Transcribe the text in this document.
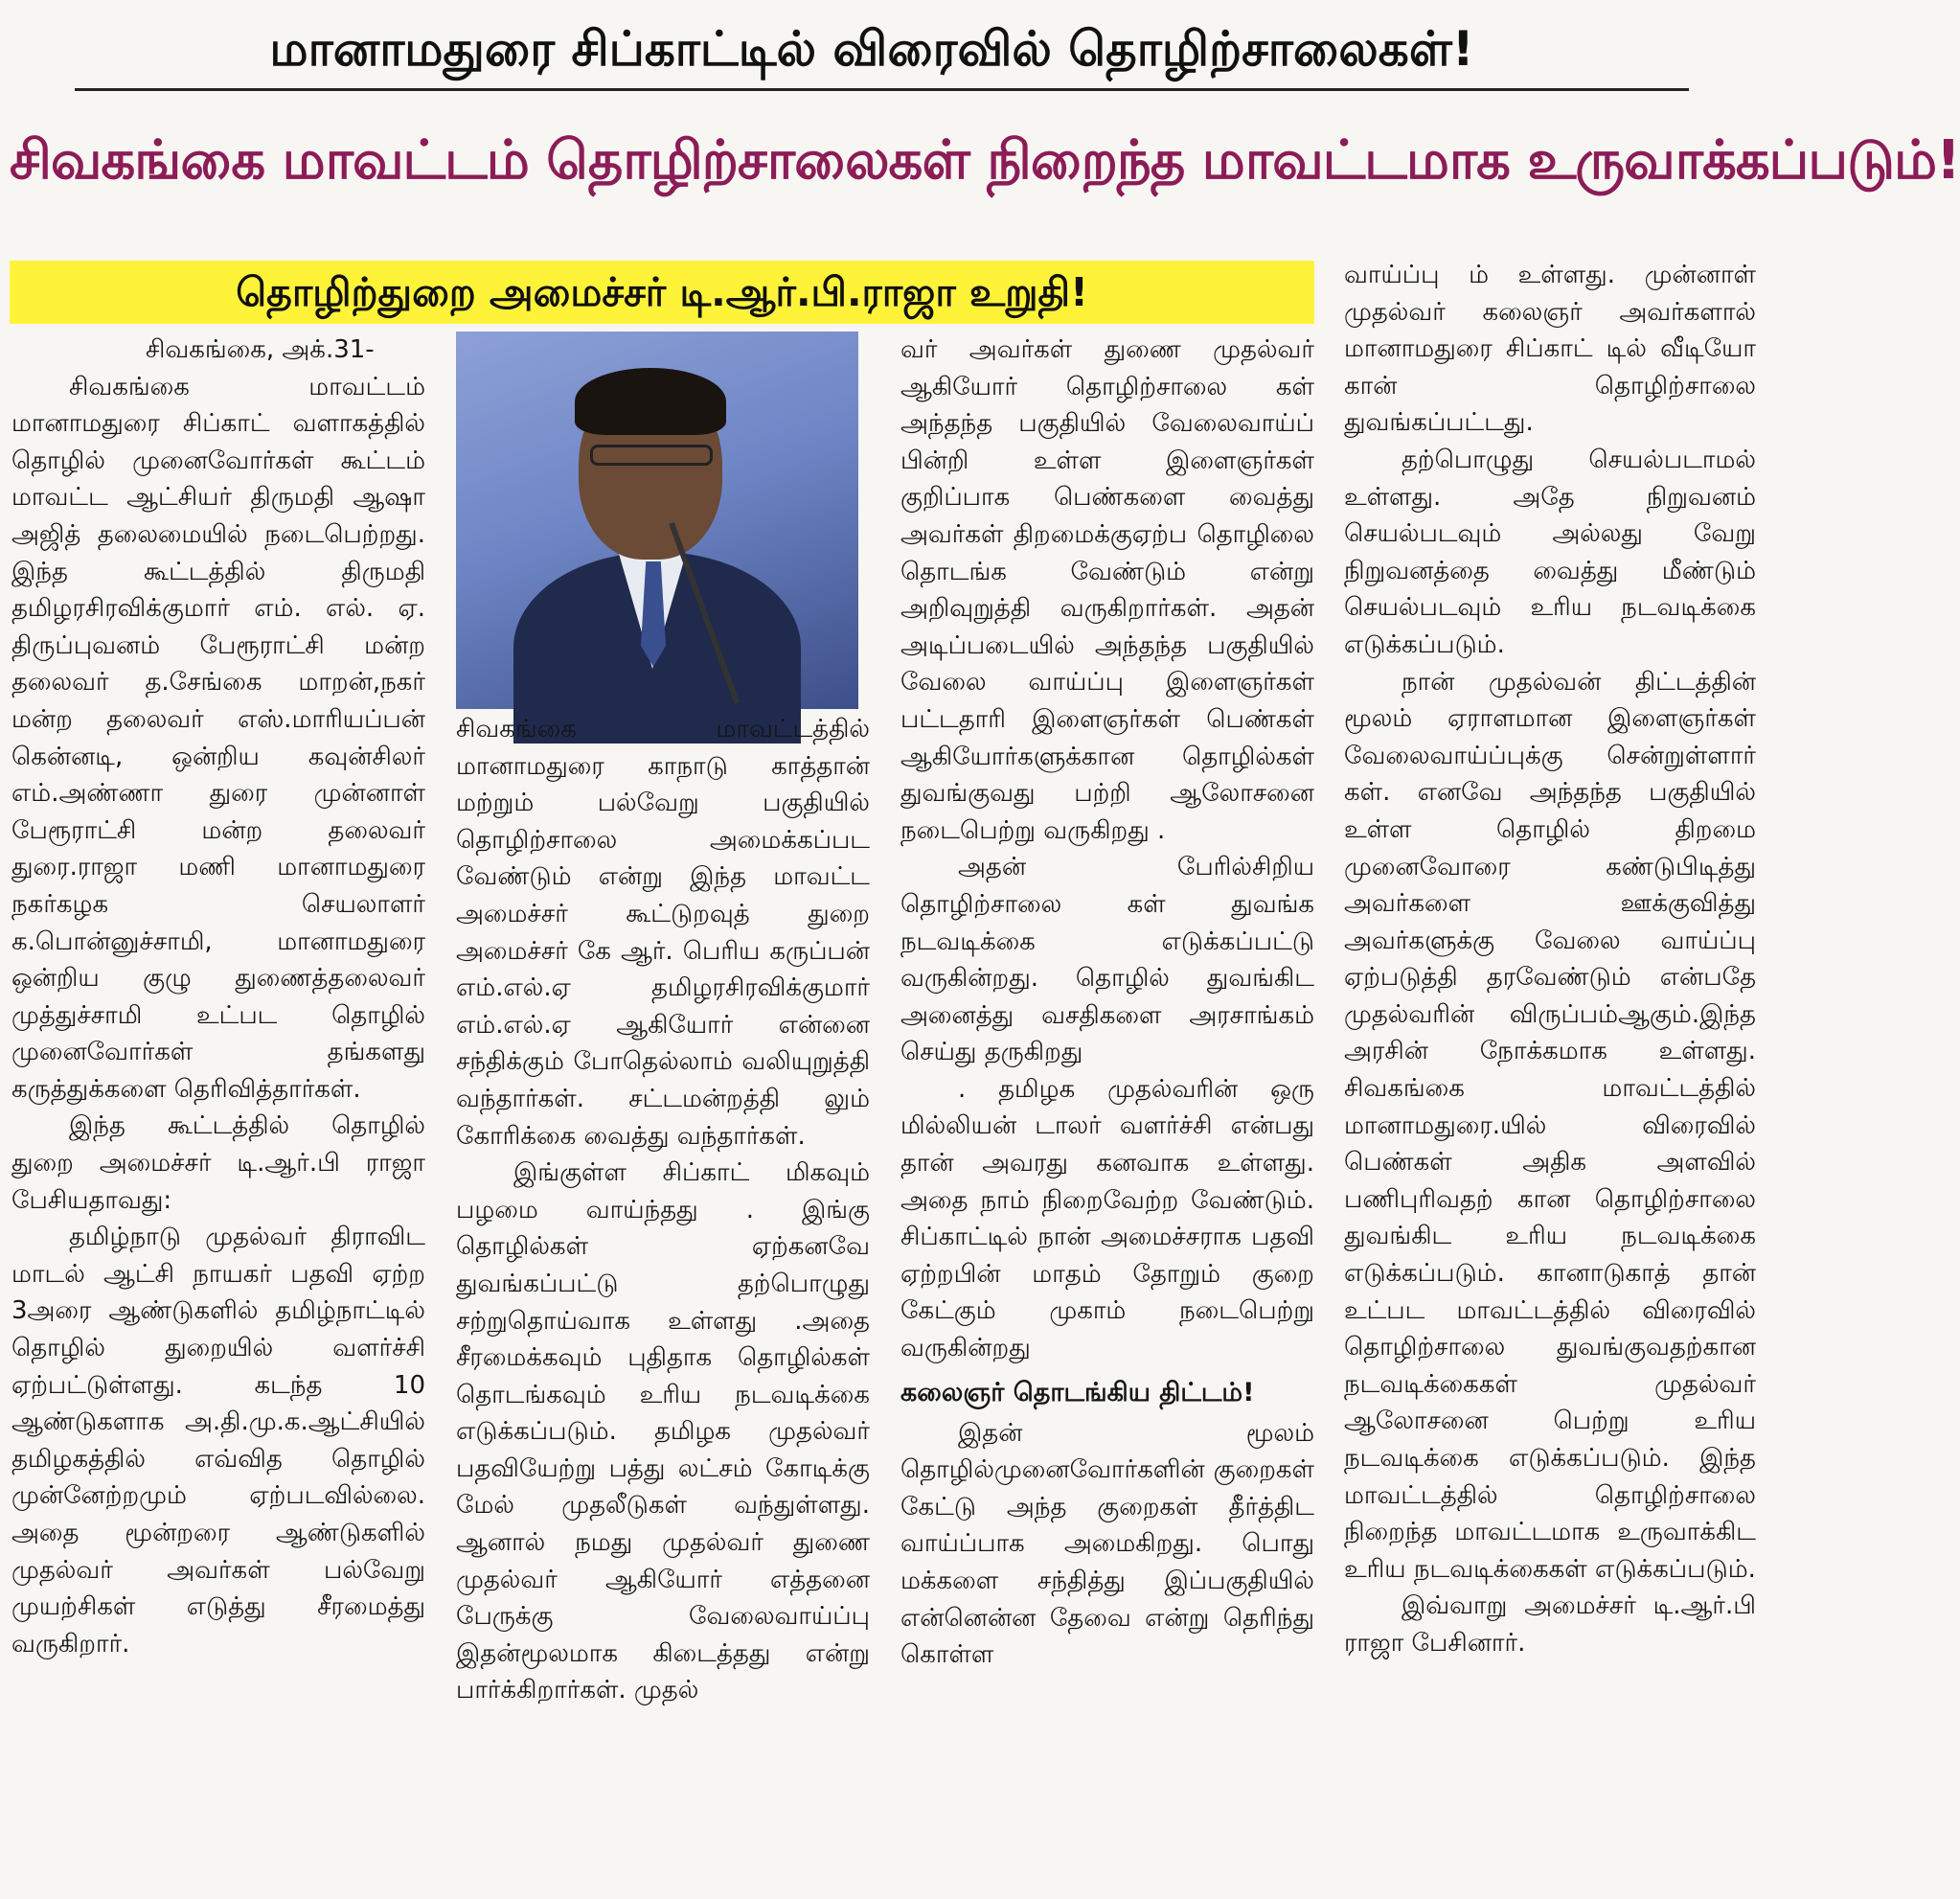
மானாமதுரை சிப்காட்டில் விரைவில் தொழிற்சாலைகள்!
சிவகங்கை மாவட்டம் தொழிற்சாலைகள் நிறைந்த மாவட்டமாக உருவாக்கப்படும்!
தொழிற்துறை அமைச்சர் டி.ஆர்.பி.ராஜா உறுதி!

சிவகங்கை, அக்.31-

சிவகங்கை மாவட்டம் மானாமதுரை சிப்காட் வளாகத்தில் தொழில் முனைவோர்கள் கூட்டம் மாவட்ட ஆட்சியர் திருமதி ஆஷா அஜித் தலைமையில் நடைபெற்றது. இந்த கூட்டத்தில் திருமதி தமிழரசிரவிக்குமார் எம். எல். ஏ. திருப்புவனம் பேரூராட்சி மன்ற தலைவர் த.சேங்கை மாறன்,நகர் மன்ற தலைவர் எஸ்.மாரியப்பன் கென்னடி, ஒன்றிய கவுன்சிலர் எம்.அண்ணா துரை முன்னாள் பேரூராட்சி மன்ற தலைவர் துரை.ராஜா மணி மானாமதுரை நகர்கழக செயலாளர் க.பொன்னுச்சாமி, மானாமதுரை ஒன்றிய குழு துணைத்தலைவர் முத்துச்சாமி உட்பட தொழில் முனைவோர்கள் தங்களது கருத்துக்களை தெரிவித்தார்கள்.

இந்த கூட்டத்தில் தொழில் துறை அமைச்சர் டி.ஆர்.பி ராஜா பேசியதாவது:

தமிழ்நாடு முதல்வர் திராவிட மாடல் ஆட்சி நாயகர் பதவி ஏற்ற 3அரை ஆண்டுகளில் தமிழ்நாட்டில் தொழில் துறையில் வளர்ச்சி ஏற்பட்டுள்ளது. கடந்த 10 ஆண்டுகளாக அ.தி.மு.க.ஆட்சியில் தமிழகத்தில் எவ்வித தொழில் முன்னேற்றமும் ஏற்படவில்லை. அதை மூன்றரை ஆண்டுகளில் முதல்வர் அவர்கள் பல்வேறு முயற்சிகள் எடுத்து சீரமைத்து வருகிறார்.

சிவகங்கை மாவட்டத்தில் மானாமதுரை காநாடு காத்தான் மற்றும் பல்வேறு பகுதியில் தொழிற்சாலை அமைக்கப்பட வேண்டும் என்று இந்த மாவட்ட அமைச்சர் கூட்டுறவுத் துறை அமைச்சர் கே ஆர். பெரிய கருப்பன் எம்.எல்.ஏ தமிழரசிரவிக்குமார் எம்.எல்.ஏ ஆகியோர் என்னை சந்திக்கும் போதெல்லாம் வலியுறுத்தி வந்தார்கள். சட்டமன்றத்தி லும் கோரிக்கை வைத்து வந்தார்கள்.

இங்குள்ள சிப்காட் மிகவும் பழமை வாய்ந்தது . இங்கு தொழில்கள் ஏற்கனவே துவங்கப்பட்டு தற்பொழுது சற்றுதொய்வாக உள்ளது .அதை சீரமைக்கவும் புதிதாக தொழில்கள் தொடங்கவும் உரிய நடவடிக்கை எடுக்கப்படும். தமிழக முதல்வர் பதவியேற்று பத்து லட்சம் கோடிக்கு மேல் முதலீடுகள் வந்துள்ளது. ஆனால் நமது முதல்வர் துணை முதல்வர் ஆகியோர் எத்தனை பேருக்கு வேலைவாய்ப்பு இதன்மூலமாக கிடைத்தது என்று பார்க்கிறார்கள். முதல்

வர் அவர்கள் துணை முதல்வர் ஆகியோர் தொழிற்சாலை கள் அந்தந்த பகுதியில் வேலைவாய்ப் பின்றி உள்ள இளைஞர்கள் குறிப்பாக பெண்களை வைத்து அவர்கள் திறமைக்குஏற்ப தொழிலை தொடங்க வேண்டும் என்று அறிவுறுத்தி வருகிறார்கள். அதன் அடிப்படையில் அந்தந்த பகுதியில் வேலை வாய்ப்பு இளைஞர்கள் பட்டதாரி இளைஞர்கள் பெண்கள் ஆகியோர்களுக்கான தொழில்கள் துவங்குவது பற்றி ஆலோசனை நடைபெற்று வருகிறது .

அதன் பேரில்சிறிய தொழிற்சாலை கள் துவங்க நடவடிக்கை எடுக்கப்பட்டு வருகின்றது. தொழில் துவங்கிட அனைத்து வசதிகளை அரசாங்கம் செய்து தருகிறது

. தமிழக முதல்வரின் ஒரு மில்லியன் டாலர் வளர்ச்சி என்பது தான் அவரது கனவாக உள்ளது. அதை நாம் நிறைவேற்ற வேண்டும். சிப்காட்டில் நான் அமைச்சராக பதவி ஏற்றபின் மாதம் தோறும் குறை கேட்கும் முகாம் நடைபெற்று வருகின்றது

கலைஞர் தொடங்கிய திட்டம்!

இதன் மூலம் தொழில்முனைவோர்களின் குறைகள் கேட்டு அந்த குறைகள் தீர்த்திட வாய்ப்பாக அமைகிறது. பொது மக்களை சந்தித்து இப்பகுதியில் என்னென்ன தேவை என்று தெரிந்து கொள்ள

வாய்ப்பு ம் உள்ளது. முன்னாள் முதல்வர் கலைஞர் அவர்களால் மானாமதுரை சிப்காட் டில் வீடியோ கான் தொழிற்சாலை துவங்கப்பட்டது.

தற்பொழுது செயல்படாமல் உள்ளது. அதே நிறுவனம் செயல்படவும் அல்லது வேறு நிறுவனத்தை வைத்து மீண்டும் செயல்படவும் உரிய நடவடிக்கை எடுக்கப்படும்.

நான் முதல்வன் திட்டத்தின் மூலம் ஏராளமான இளைஞர்கள் வேலைவாய்ப்புக்கு சென்றுள்ளார் கள். எனவே அந்தந்த பகுதியில் உள்ள தொழில் திறமை முனைவோரை கண்டுபிடித்து அவர்களை ஊக்குவித்து அவர்களுக்கு வேலை வாய்ப்பு ஏற்படுத்தி தரவேண்டும் என்பதே முதல்வரின் விருப்பம்ஆகும்.இந்த அரசின் நோக்கமாக உள்ளது. சிவகங்கை மாவட்டத்தில் மானாமதுரை.யில் விரைவில் பெண்கள் அதிக அளவில் பணிபுரிவதற் கான தொழிற்சாலை துவங்கிட உரிய நடவடிக்கை எடுக்கப்படும். கானாடுகாத் தான் உட்பட மாவட்டத்தில் விரைவில் தொழிற்சாலை துவங்குவதற்கான நடவடிக்கைகள் முதல்வர் ஆலோசனை பெற்று உரிய நடவடிக்கை எடுக்கப்படும். இந்த மாவட்டத்தில் தொழிற்சாலை நிறைந்த மாவட்டமாக உருவாக்கிட உரிய நடவடிக்கைகள் எடுக்கப்படும்.

இவ்வாறு அமைச்சர் டி.ஆர்.பி ராஜா பேசினார்.
